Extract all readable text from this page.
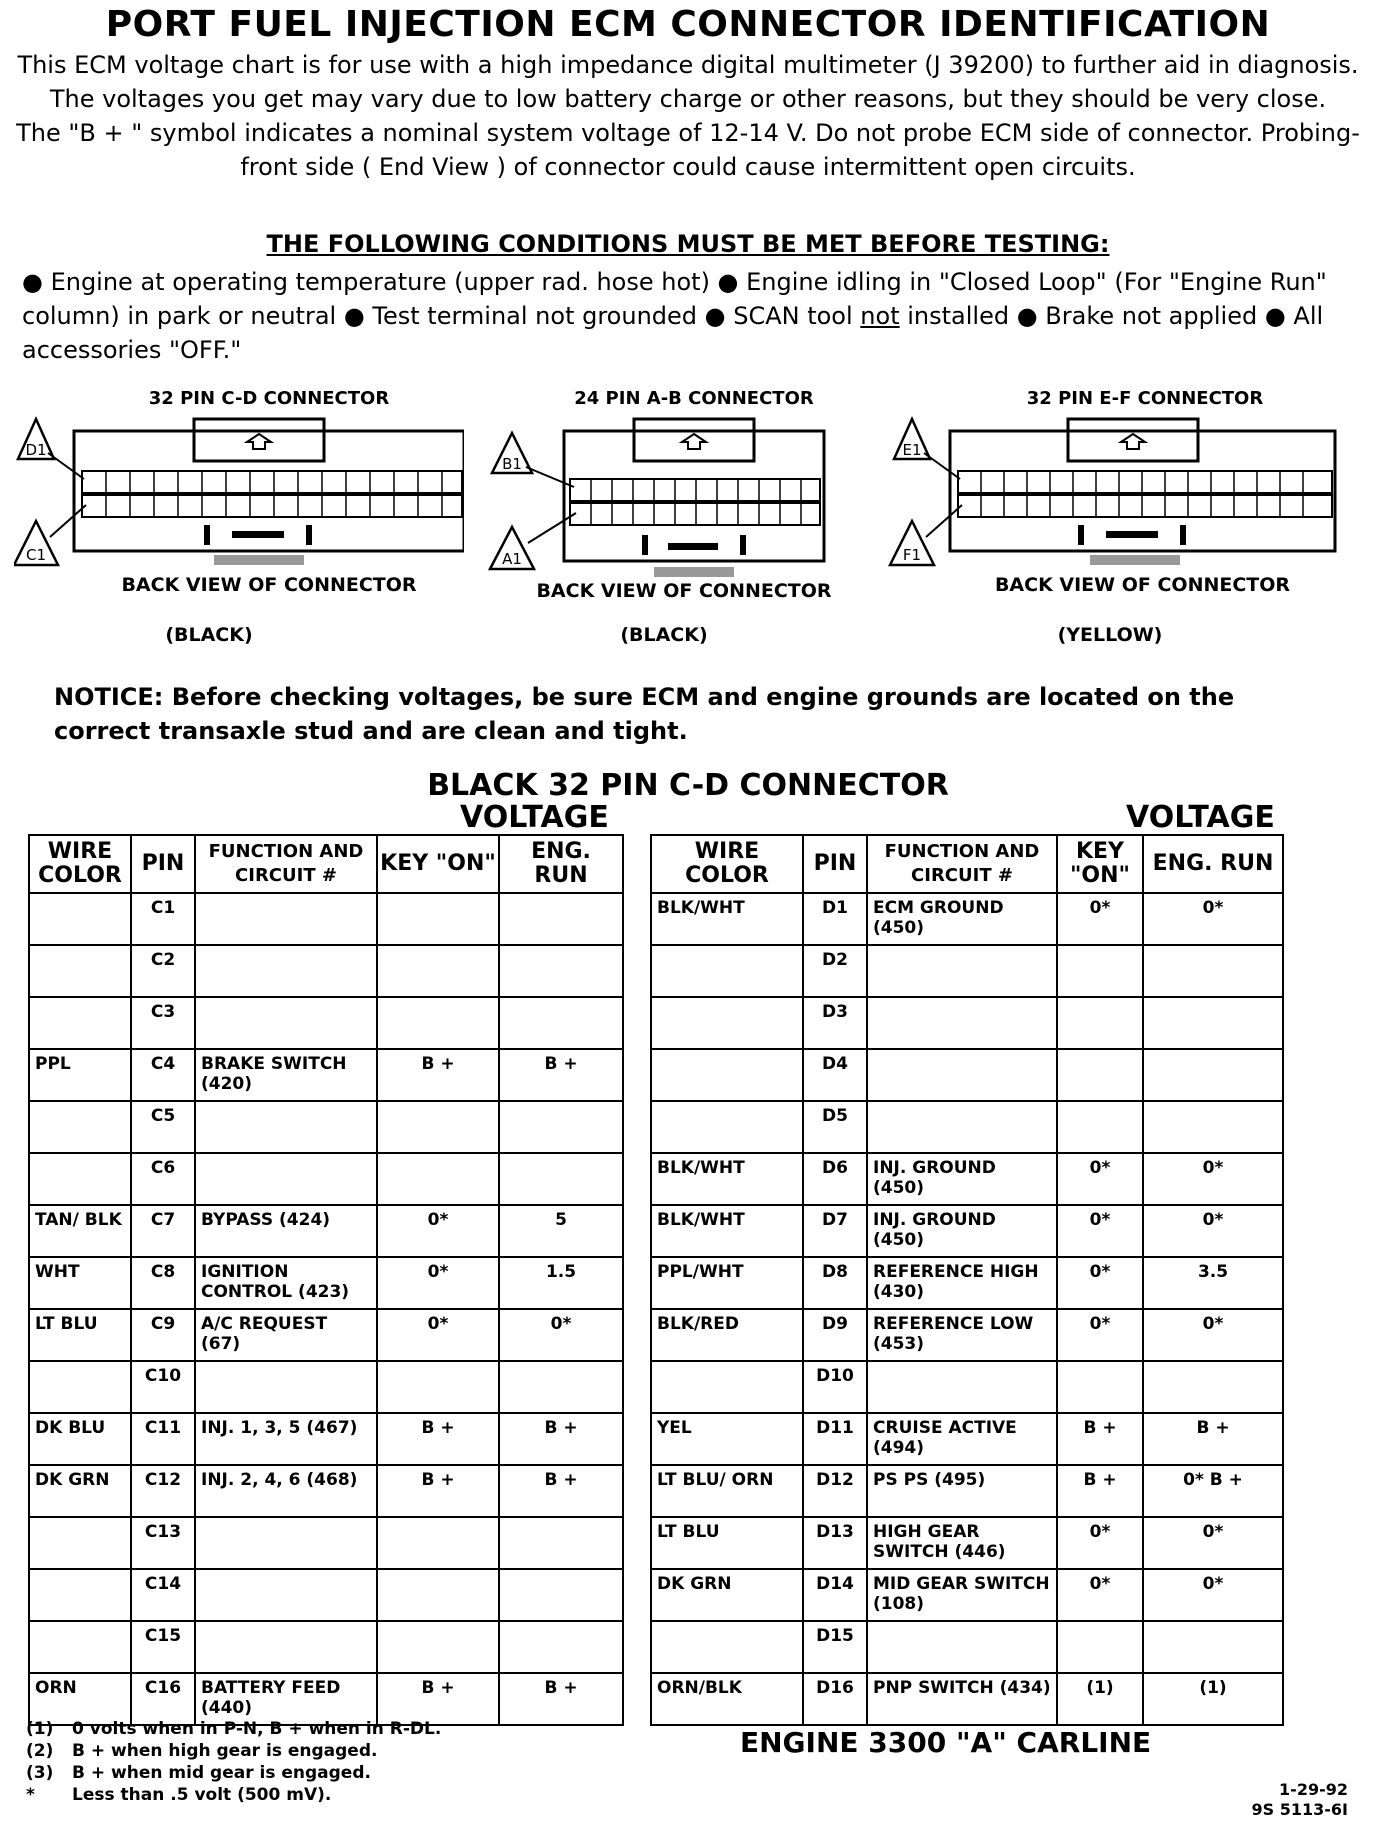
PORT FUEL INJECTION ECM CONNECTOR IDENTIFICATION
This ECM voltage chart is for use with a high impedance digital multimeter (J 39200) to further aid in diagnosis. The voltages you get may vary due to low battery charge or other reasons, but they should be very close.
The "B + " symbol indicates a nominal system voltage of 12-14 V. Do not probe ECM side of connector. Probing-front side ( End View ) of connector could cause intermittent open circuits.
THE FOLLOWING CONDITIONS MUST BE MET BEFORE TESTING:
● Engine at operating temperature (upper rad. hose hot) ● Engine idling in "Closed Loop" (For "Engine Run" column) in park or neutral ● Test terminal not grounded ● SCAN tool not installed ● Brake not applied ● All accessories "OFF."
32 PIN C-D CONNECTOR
D1
C1
BACK VIEW OF CONNECTOR
(BLACK)
24 PIN A-B CONNECTOR
B1
A1
BACK VIEW OF CONNECTOR
(BLACK)
32 PIN E-F CONNECTOR
E1
F1
BACK VIEW OF CONNECTOR
(YELLOW)
NOTICE: Before checking voltages, be sure ECM and engine grounds are located on the correct transaxle stud and are clean and tight.
BLACK 32 PIN C-D CONNECTOR
VOLTAGE	VOLTAGE
WIRE COLOR	PIN	FUNCTION AND CIRCUIT #	KEY "ON"	ENG. RUN
	C1			
	C2			
	C3			
PPL	C4	BRAKE SWITCH (420)	B +	B +
	C5			
	C6			
TAN/ BLK	C7	BYPASS (424)	0*	5
WHT	C8	IGNITION CONTROL (423)	0*	1.5
LT BLU	C9	A/C REQUEST (67)	0*	0*
	C10			
DK BLU	C11	INJ. 1, 3, 5 (467)	B +	B +
DK GRN	C12	INJ. 2, 4, 6 (468)	B +	B +
	C13			
	C14			
	C15			
ORN	C16	BATTERY FEED (440)	B +	B +
WIRE COLOR	PIN	FUNCTION AND CIRCUIT #	KEY "ON"	ENG. RUN
BLK/WHT	D1	ECM GROUND (450)	0*	0*
	D2			
	D3			
	D4			
	D5			
BLK/WHT	D6	INJ. GROUND (450)	0*	0*
BLK/WHT	D7	INJ. GROUND (450)	0*	0*
PPL/WHT	D8	REFERENCE HIGH (430)	0*	3.5
BLK/RED	D9	REFERENCE LOW (453)	0*	0*
	D10			
YEL	D11	CRUISE ACTIVE (494)	B +	B +
LT BLU/ ORN	D12	PS PS (495)	B +	0* B +
LT BLU	D13	HIGH GEAR SWITCH (446)	0*	0*
DK GRN	D14	MID GEAR SWITCH (108)	0*	0*
	D15			
ORN/BLK	D16	PNP SWITCH (434)	(1)	(1)
(1) 0 volts when in P-N, B + when in R-DL.
(2) B + when high gear is engaged.
(3) B + when mid gear is engaged.
* Less than .5 volt (500 mV).
ENGINE 3300 "A" CARLINE
1-29-92
9S 5113-6I
